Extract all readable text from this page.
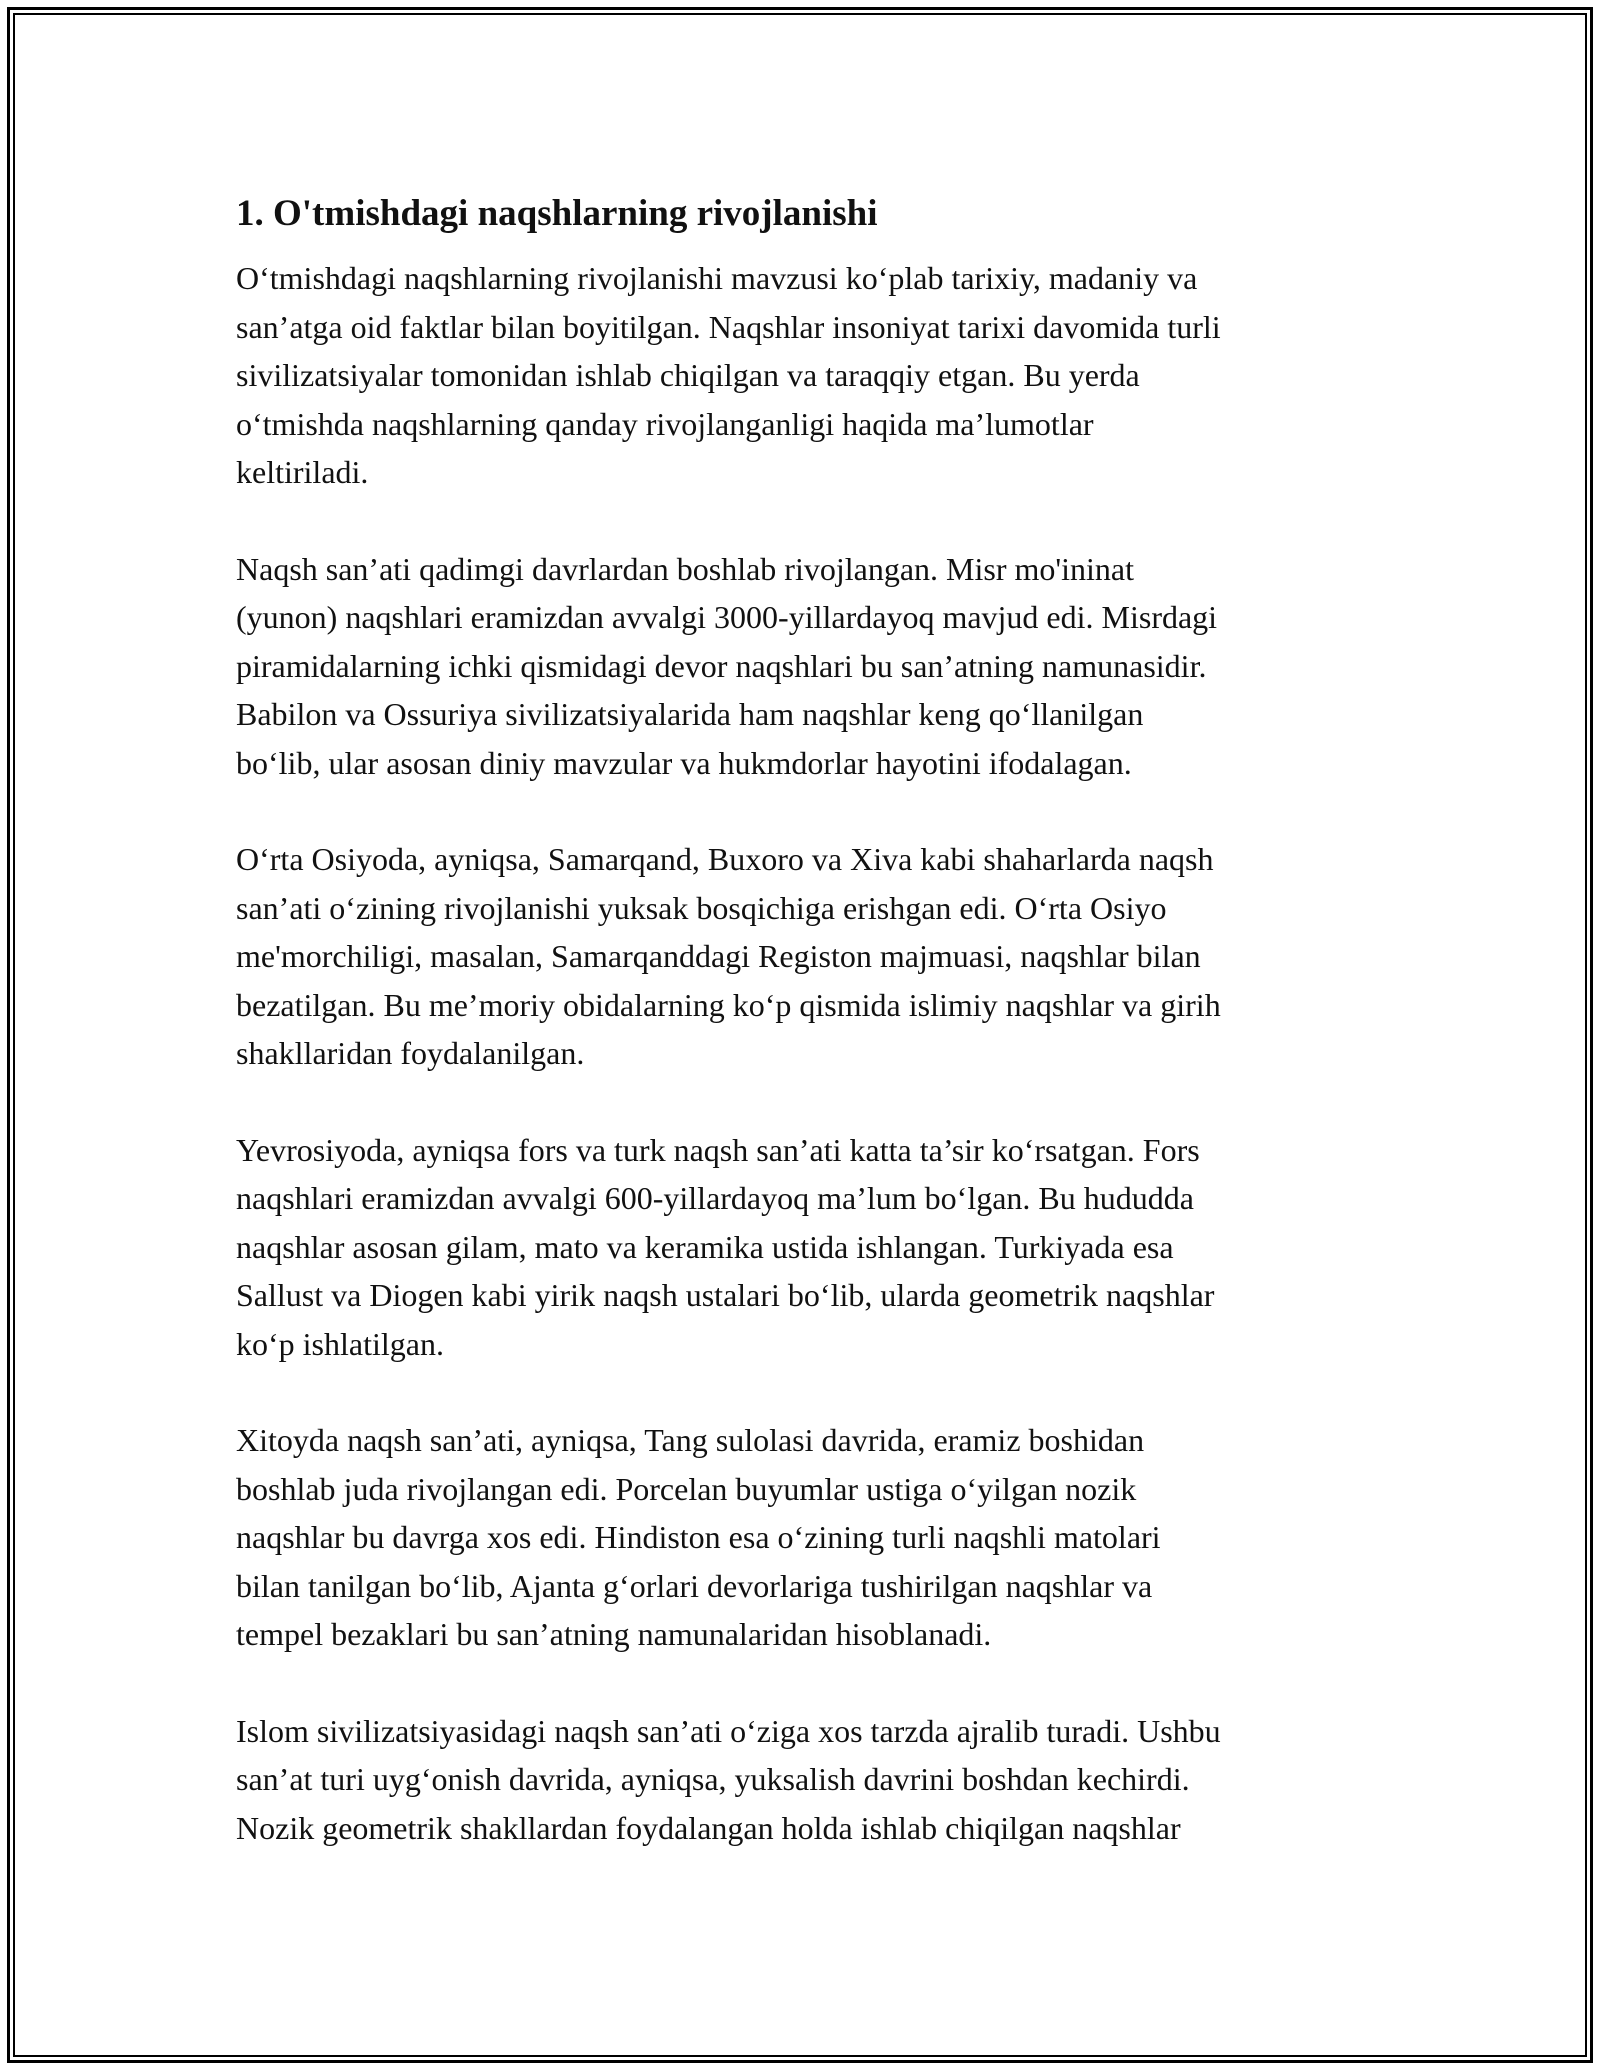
1. O'tmishdagi naqshlarning rivojlanishi

O‘tmishdagi naqshlarning rivojlanishi mavzusi ko‘plab tarixiy, madaniy va
san’atga oid faktlar bilan boyitilgan. Naqshlar insoniyat tarixi davomida turli
sivilizatsiyalar tomonidan ishlab chiqilgan va taraqqiy etgan. Bu yerda
o‘tmishda naqshlarning qanday rivojlanganligi haqida ma’lumotlar
keltiriladi.

Naqsh san’ati qadimgi davrlardan boshlab rivojlangan. Misr mo'ininat
(yunon) naqshlari eramizdan avvalgi 3000-yillardayoq mavjud edi. Misrdagi
piramidalarning ichki qismidagi devor naqshlari bu san’atning namunasidir.
Babilon va Ossuriya sivilizatsiyalarida ham naqshlar keng qo‘llanilgan
bo‘lib, ular asosan diniy mavzular va hukmdorlar hayotini ifodalagan.

O‘rta Osiyoda, ayniqsa, Samarqand, Buxoro va Xiva kabi shaharlarda naqsh
san’ati o‘zining rivojlanishi yuksak bosqichiga erishgan edi. O‘rta Osiyo
me'morchiligi, masalan, Samarqanddagi Registon majmuasi, naqshlar bilan
bezatilgan. Bu me’moriy obidalarning ko‘p qismida islimiy naqshlar va girih
shakllaridan foydalanilgan.

Yevrosiyoda, ayniqsa fors va turk naqsh san’ati katta ta’sir ko‘rsatgan. Fors
naqshlari eramizdan avvalgi 600-yillardayoq ma’lum bo‘lgan. Bu hududda
naqshlar asosan gilam, mato va keramika ustida ishlangan. Turkiyada esa
Sallust va Diogen kabi yirik naqsh ustalari bo‘lib, ularda geometrik naqshlar
ko‘p ishlatilgan.

Xitoyda naqsh san’ati, ayniqsa, Tang sulolasi davrida, eramiz boshidan
boshlab juda rivojlangan edi. Porcelan buyumlar ustiga o‘yilgan nozik
naqshlar bu davrga xos edi. Hindiston esa o‘zining turli naqshli matolari
bilan tanilgan bo‘lib, Ajanta g‘orlari devorlariga tushirilgan naqshlar va
tempel bezaklari bu san’atning namunalaridan hisoblanadi.

Islom sivilizatsiyasidagi naqsh san’ati o‘ziga xos tarzda ajralib turadi. Ushbu
san’at turi uyg‘onish davrida, ayniqsa, yuksalish davrini boshdan kechirdi.
Nozik geometrik shakllardan foydalangan holda ishlab chiqilgan naqshlar
